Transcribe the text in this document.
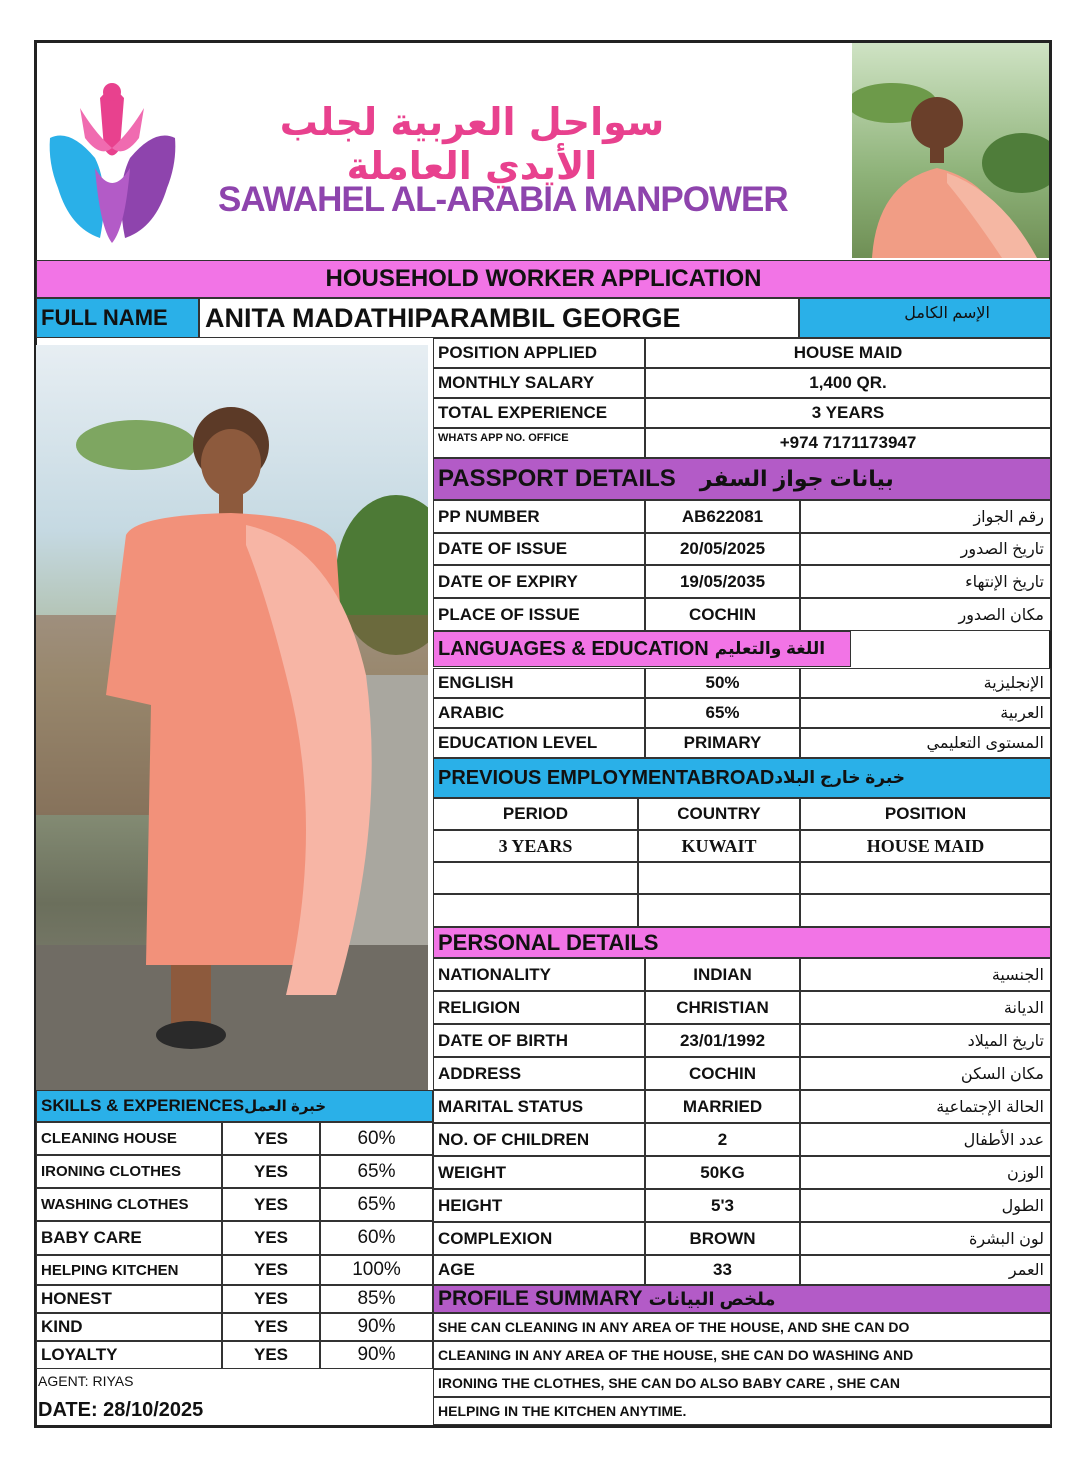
سواحل العربية لجلب الأيدي العاملة
SAWAHEL AL-ARABIA MANPOWER
HOUSEHOLD WORKER APPLICATION
FULL NAME	ANITA MADATHIPARAMBIL GEORGE	الإسم الكامل
POSITION APPLIED	HOUSE MAID
MONTHLY SALARY	1,400 QR.
TOTAL EXPERIENCE	3 YEARS
WHATS APP NO. OFFICE	+974 7171173947
PASSPORT DETAILS بيانات جواز السفر
PP NUMBER	AB622081	رقم الجواز
DATE OF ISSUE	20/05/2025	تاريخ الصدور
DATE OF EXPIRY	19/05/2035	تاريخ الإنتهاء
PLACE OF ISSUE	COCHIN	مكان الصدور
LANGUAGES & EDUCATION اللغة والتعليم
ENGLISH	50%	الإنجليزية
ARABIC	65%	العربية
EDUCATION LEVEL	PRIMARY	المستوى التعليمي
PREVIOUS EMPLOYMENTABROAD خبرة خارج البلاد
PERIOD	COUNTRY	POSITION
3 YEARS	KUWAIT	HOUSE MAID
PERSONAL DETAILS
NATIONALITY	INDIAN	الجنسية
RELIGION	CHRISTIAN	الديانة
DATE OF BIRTH	23/01/1992	تاريخ الميلاد
ADDRESS	COCHIN	مكان السكن
MARITAL STATUS	MARRIED	الحالة الإجتماعية
NO. OF CHILDREN	2	عدد الأطفال
WEIGHT	50KG	الوزن
HEIGHT	5'3	الطول
COMPLEXION	BROWN	لون البشرة
AGE	33	العمر
PROFILE SUMMARY ملخص البيانات
SHE CAN CLEANING IN ANY AREA OF THE HOUSE, AND SHE CAN DO
CLEANING IN ANY AREA OF THE HOUSE, SHE CAN DO WASHING AND
IRONING THE CLOTHES, SHE CAN DO ALSO BABY CARE , SHE CAN
HELPING IN THE KITCHEN ANYTIME.
SKILLS & EXPERIENCES خبرة العمل
CLEANING HOUSE	YES	60%
IRONING CLOTHES	YES	65%
WASHING CLOTHES	YES	65%
BABY CARE	YES	60%
HELPING KITCHEN	YES	100%
HONEST	YES	85%
KIND	YES	90%
LOYALTY	YES	90%
AGENT: RIYAS
DATE: 28/10/2025
